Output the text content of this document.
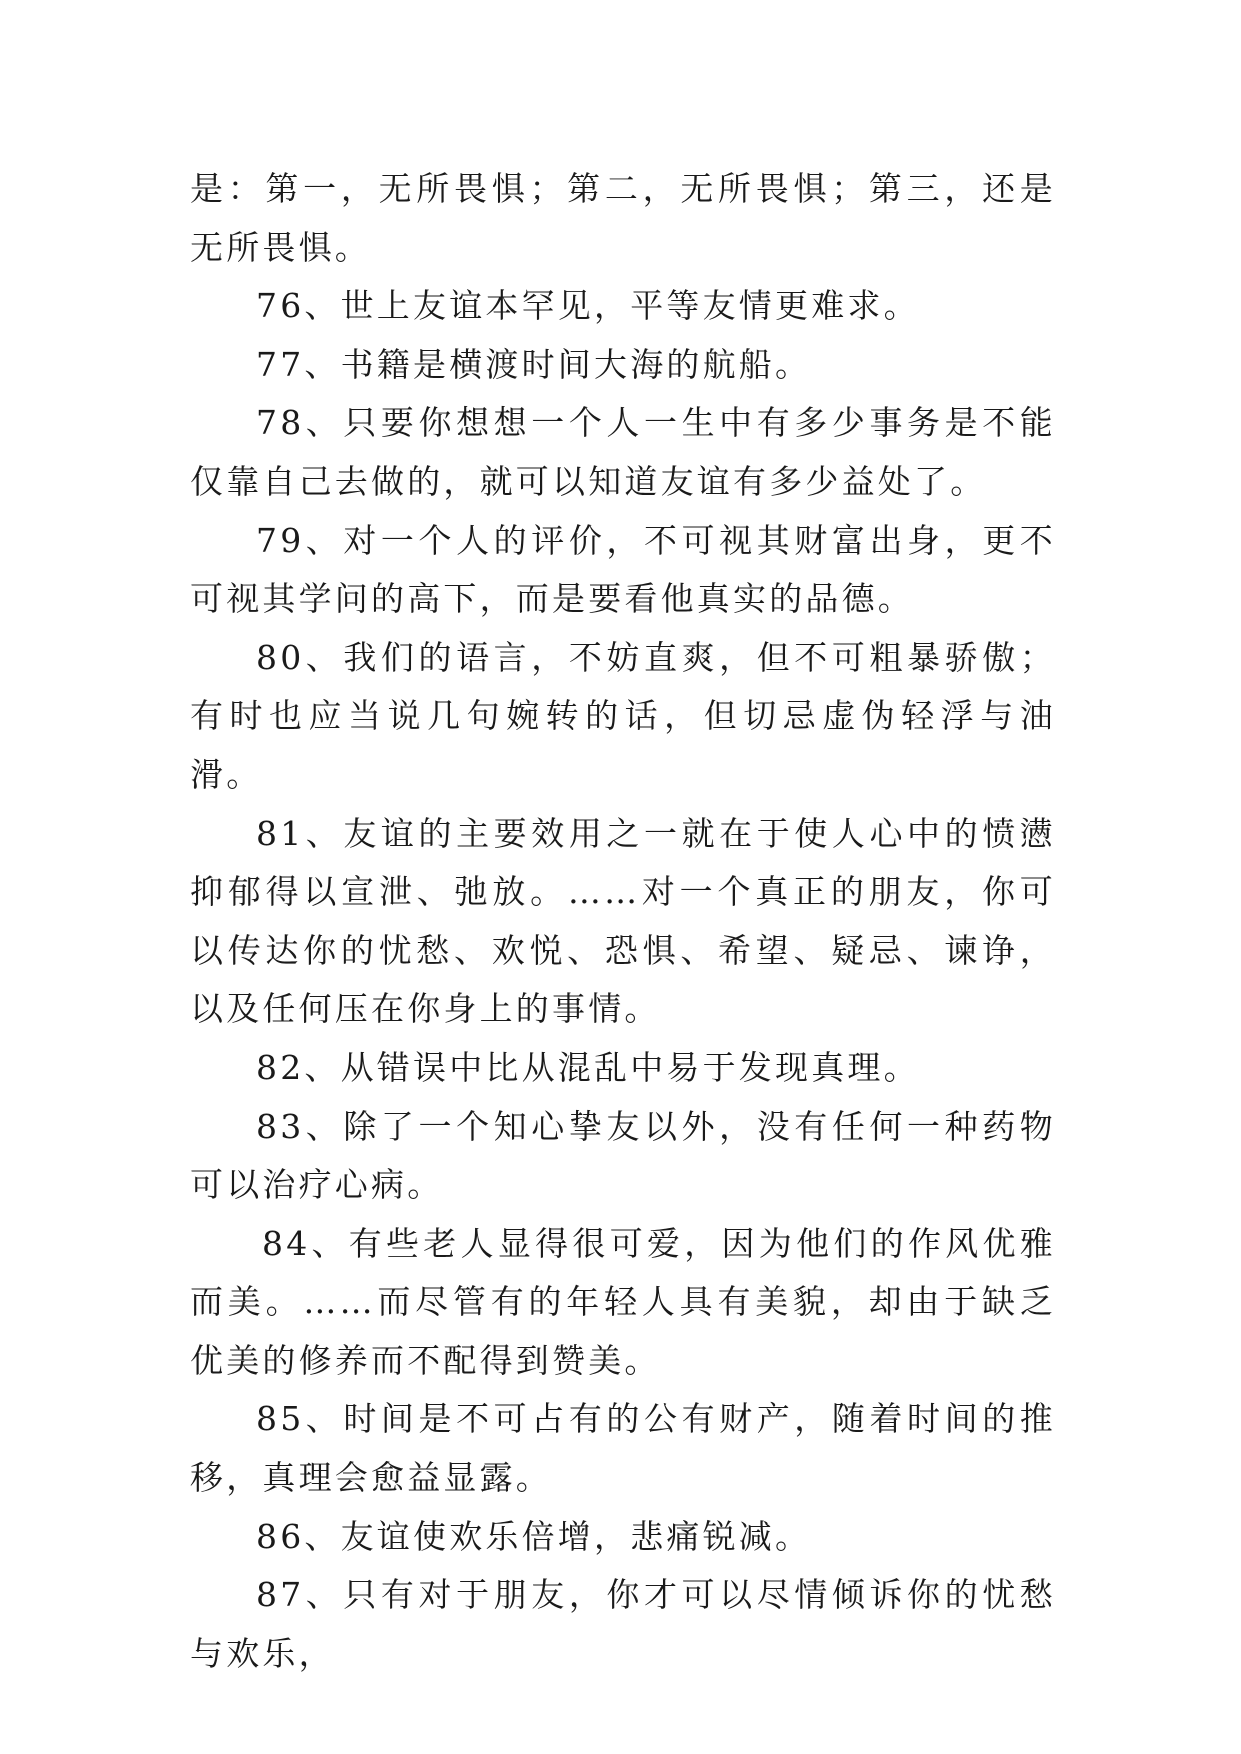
是：第一，无所畏惧；第二，无所畏惧；第三，还是无所畏惧。

76、世上友谊本罕见，平等友情更难求。

77、书籍是横渡时间大海的航船。

78、只要你想想一个人一生中有多少事务是不能仅靠自己去做的，就可以知道友谊有多少益处了。

79、对一个人的评价，不可视其财富出身，更不可视其学问的高下，而是要看他真实的品德。

80、我们的语言，不妨直爽，但不可粗暴骄傲；有时也应当说几句婉转的话，但切忌虚伪轻浮与油滑。

81、友谊的主要效用之一就在于使人心中的愤懑抑郁得以宣泄、弛放。……对一个真正的朋友，你可以传达你的忧愁、欢悦、恐惧、希望、疑忌、谏诤，以及任何压在你身上的事情。

82、从错误中比从混乱中易于发现真理。

83、除了一个知心挚友以外，没有任何一种药物可以治疗心病。

84、有些老人显得很可爱，因为他们的作风优雅而美。……而尽管有的年轻人具有美貌，却由于缺乏优美的修养而不配得到赞美。

85、时间是不可占有的公有财产，随着时间的推移，真理会愈益显露。

86、友谊使欢乐倍增，悲痛锐减。

87、只有对于朋友，你才可以尽情倾诉你的忧愁与欢乐，
